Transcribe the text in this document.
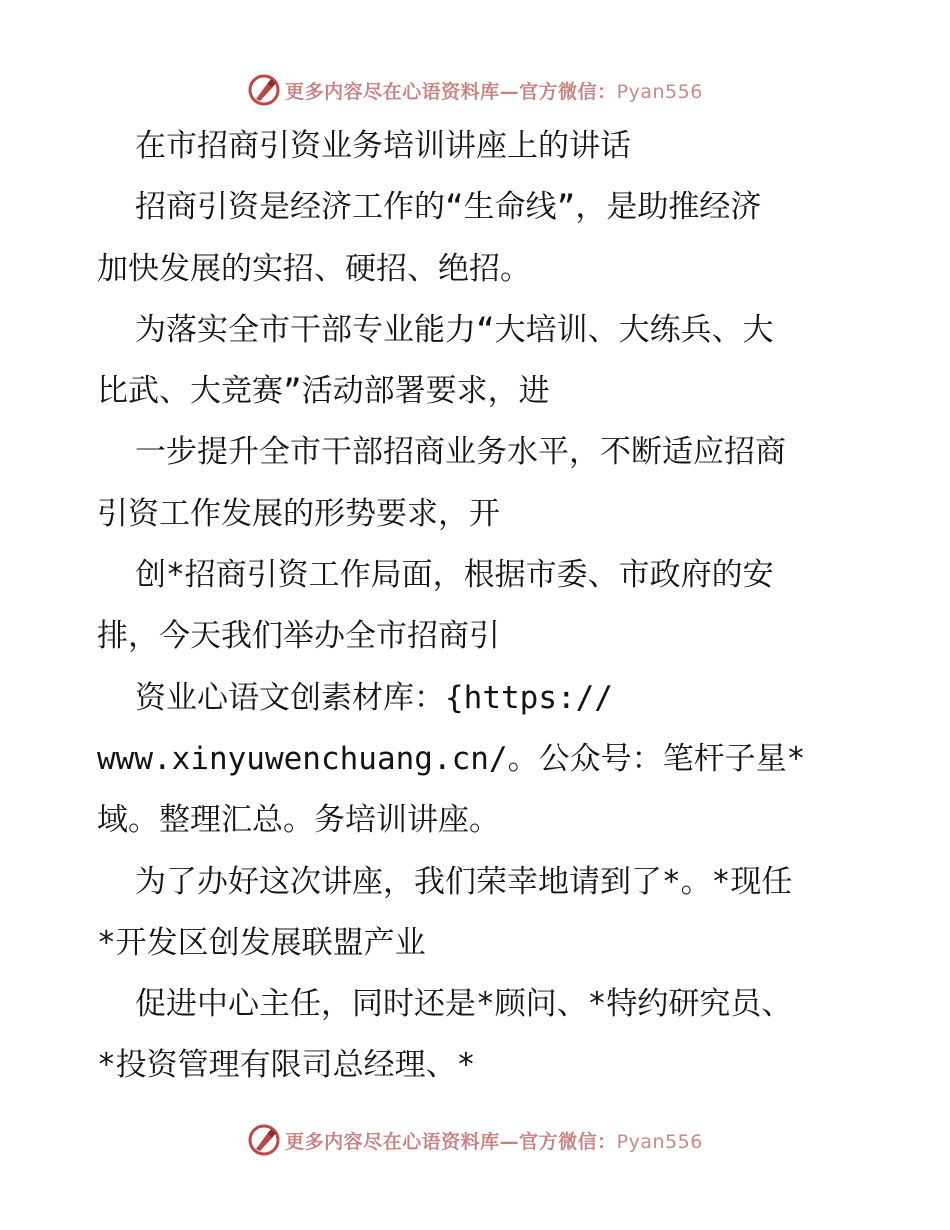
更多内容尽在心语资料库—官方微信：Pyan556
在市招商引资业务培训讲座上的讲话
招商引资是经济工作的“生命线”，是助推经济
加快发展的实招、硬招、绝招。
为落实全市干部专业能力“大培训、大练兵、大
比武、大竞赛”活动部署要求，进
一步提升全市干部招商业务水平，不断适应招商
引资工作发展的形势要求，开
创*招商引资工作局面，根据市委、市政府的安
排，今天我们举办全市招商引
资业心语文创素材库：{https://
www.xinyuwenchuang.cn/。公众号：笔杆子星*
域。整理汇总。务培训讲座。
为了办好这次讲座，我们荣幸地请到了*。*现任
*开发区创发展联盟产业
促进中心主任，同时还是*顾问、*特约研究员、
*投资管理有限司总经理、*
更多内容尽在心语资料库—官方微信：Pyan556
